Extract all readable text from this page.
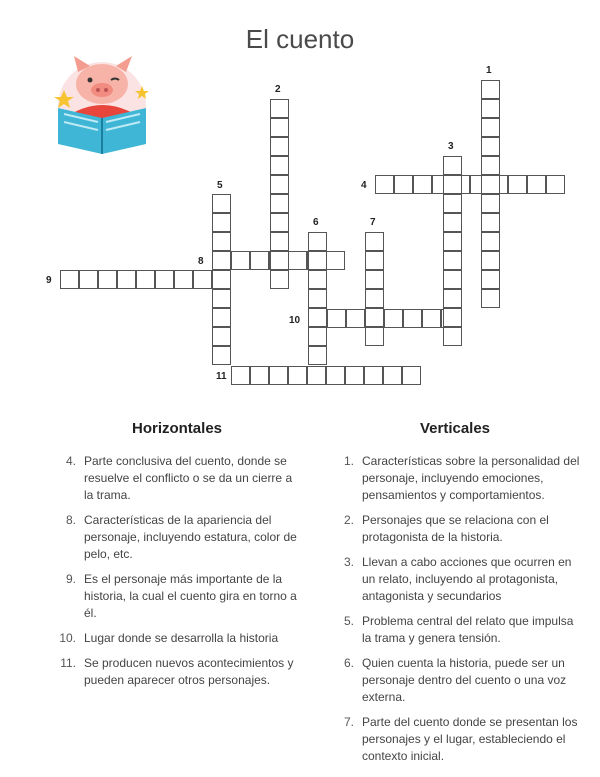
El cuento
1
2
3
4
5
6	7
8
9
10
11
Horizontales
4. Parte conclusiva del cuento, donde se resuelve el conflicto o se da un cierre a la trama.
8. Características de la apariencia del personaje, incluyendo estatura, color de pelo, etc.
9. Es el personaje más importante de la historia, la cual el cuento gira en torno a él.
10. Lugar donde se desarrolla la historia
11. Se producen nuevos acontecimientos y pueden aparecer otros personajes.
Verticales
1. Características sobre la personalidad del personaje, incluyendo emociones, pensamientos y comportamientos.
2. Personajes que se relaciona con el protagonista de la historia.
3. Llevan a cabo acciones que ocurren en un relato, incluyendo al protagonista, antagonista y secundarios
5. Problema central del relato que impulsa la trama y genera tensión.
6. Quien cuenta la historia, puede ser un personaje dentro del cuento o una voz externa.
7. Parte del cuento donde se presentan los personajes y el lugar, estableciendo el contexto inicial.
